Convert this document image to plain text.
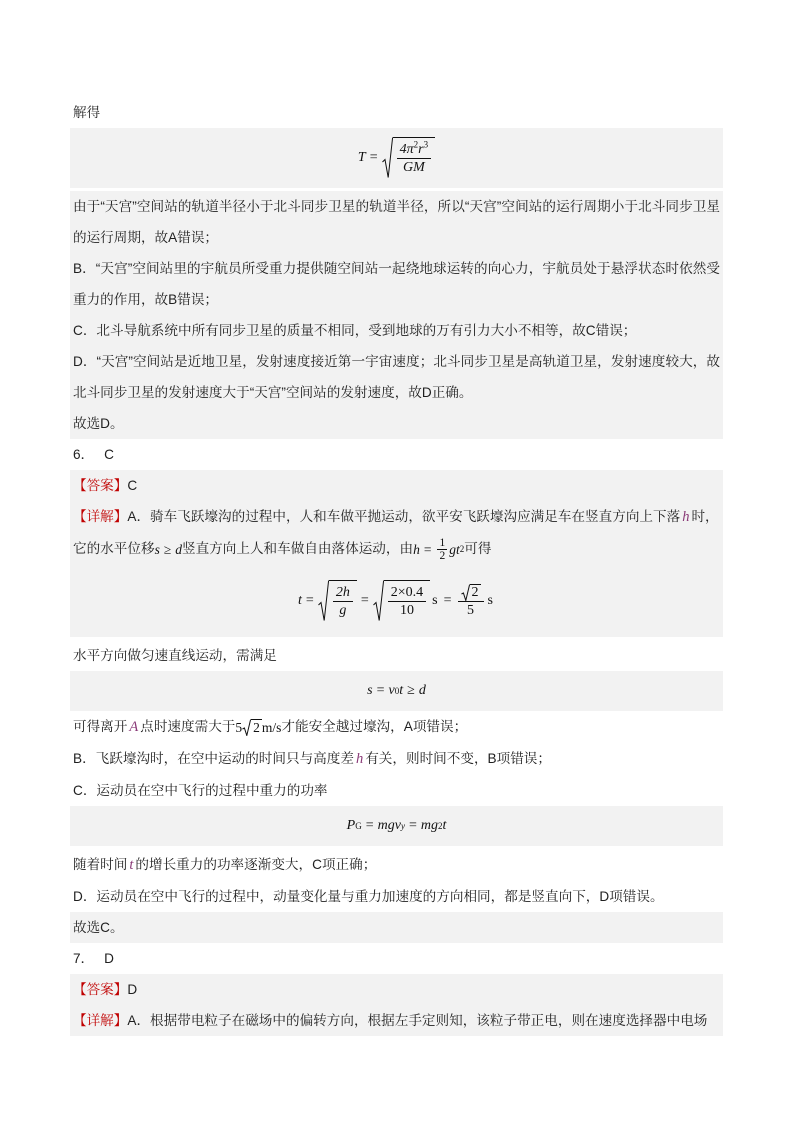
解得
$T = \frac{4\pi^2r^3}{GM}$
由于“天宫”空间站的轨道半径小于北斗同步卫星的轨道半径，所以“天宫”空间站的运行周期小于北斗同步卫星的运行周期，故A错误；
B．“天宫”空间站里的宇航员所受重力提供随空间站一起绕地球运转的向心力，宇航员处于悬浮状态时依然受重力的作用，故B错误；
C．北斗导航系统中所有同步卫星的质量不相同，受到地球的万有引力大小不相等，故C错误；
D．“天宫”空间站是近地卫星，发射速度接近第一宇宙速度；北斗同步卫星是高轨道卫星，发射速度较大，故北斗同步卫星的发射速度大于“天宫”空间站的发射速度，故D正确。
故选D。
6． C
【答案】C
【详解】A．骑车飞跃壕沟的过程中，人和车做平抛运动，欲平安飞跃壕沟应满足车在竖直方向上下落 h 时，
它的水平位移 s ≥ d 竖直方向上人和车做自由落体运动，由 $h = \frac{1}{2}$ gt 2 可得
$t = \frac{2h}{g} = \frac{2\times 0.4}{10}$ $s = \frac{2}{5}$ s
水平方向做匀速直线运动，需满足
s = v 0 t ≥ d
可得离开 A 点时速度需大于 5 2 m/s 才能安全越过壕沟，A项错误；
B．飞跃壕沟时，在空中运动的时间只与高度差 h 有关，则时间不变，B项错误；
C．运动员在空中飞行的过程中重力的功率
P G = mgv y = mg 2 t
随着时间 t 的增长重力的功率逐渐变大，C项正确；
D．运动员在空中飞行的过程中，动量变化量与重力加速度的方向相同，都是竖直向下，D项错误。
故选C。
7． D
【答案】D
【详解】A．根据带电粒子在磁场中的偏转方向，根据左手定则知，该粒子带正电，则在速度选择器中电场
